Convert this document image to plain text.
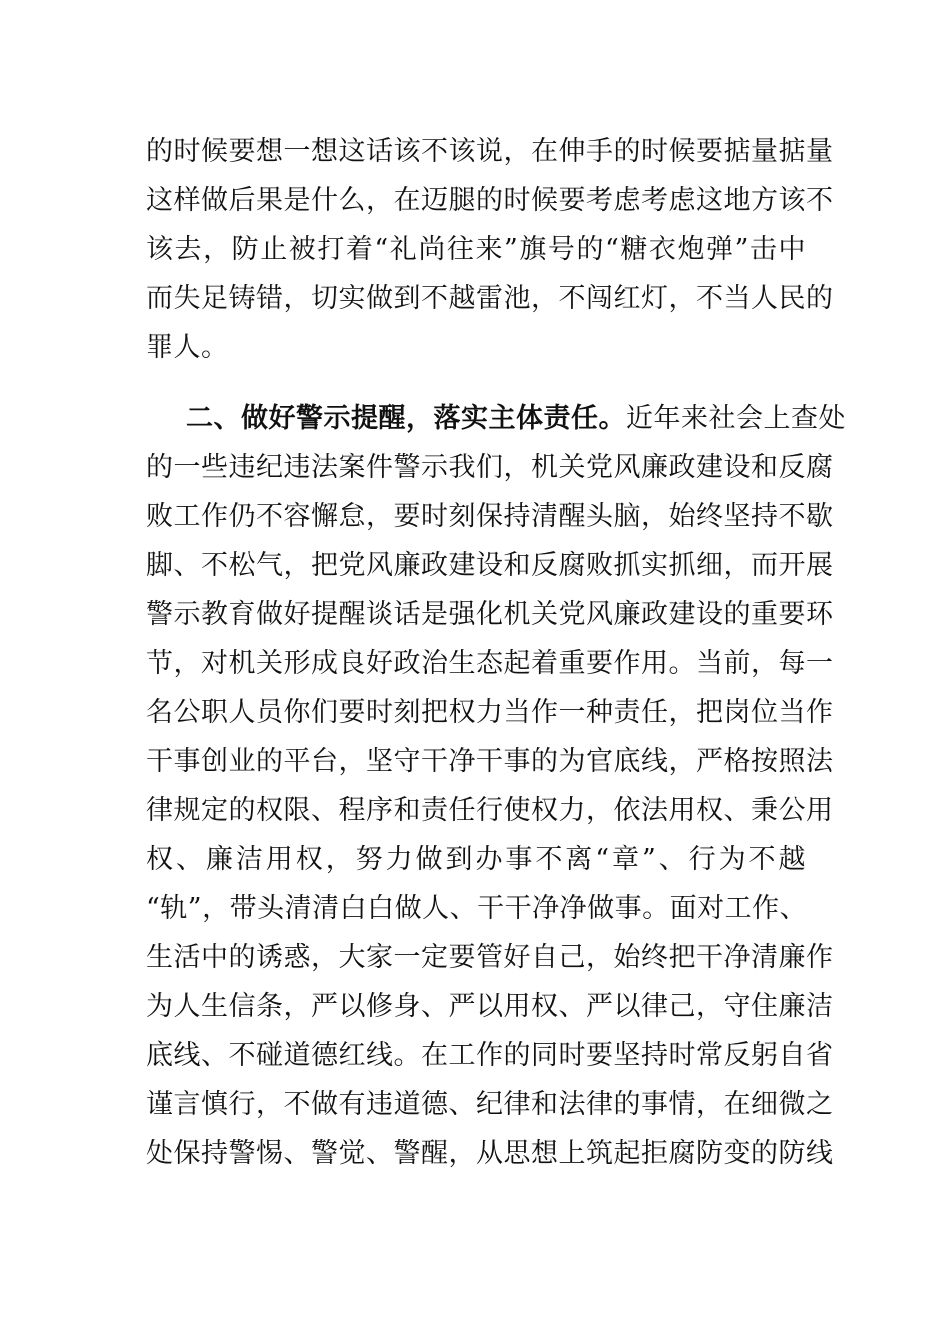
的时候要想一想这话该不该说，在伸手的时候要掂量掂量
这样做后果是什么，在迈腿的时候要考虑考虑这地方该不
该去，防止被打着“礼尚往来”旗号的“糖衣炮弹”击中
而失足铸错，切实做到不越雷池，不闯红灯，不当人民的
罪人。
二、做好警示提醒，落实主体责任。近年来社会上查处
的一些违纪违法案件警示我们，机关党风廉政建设和反腐
败工作仍不容懈怠，要时刻保持清醒头脑，始终坚持不歇
脚、不松气，把党风廉政建设和反腐败抓实抓细，而开展
警示教育做好提醒谈话是强化机关党风廉政建设的重要环
节，对机关形成良好政治生态起着重要作用。当前，每一
名公职人员你们要时刻把权力当作一种责任，把岗位当作
干事创业的平台，坚守干净干事的为官底线，严格按照法
律规定的权限、程序和责任行使权力，依法用权、秉公用
权、廉洁用权，努力做到办事不离“章”、行为不越
“轨”，带头清清白白做人、干干净净做事。面对工作、
生活中的诱惑，大家一定要管好自己，始终把干净清廉作
为人生信条，严以修身、严以用权、严以律己，守住廉洁
底线、不碰道德红线。在工作的同时要坚持时常反躬自省
谨言慎行，不做有违道德、纪律和法律的事情，在细微之
处保持警惕、警觉、警醒，从思想上筑起拒腐防变的防线
